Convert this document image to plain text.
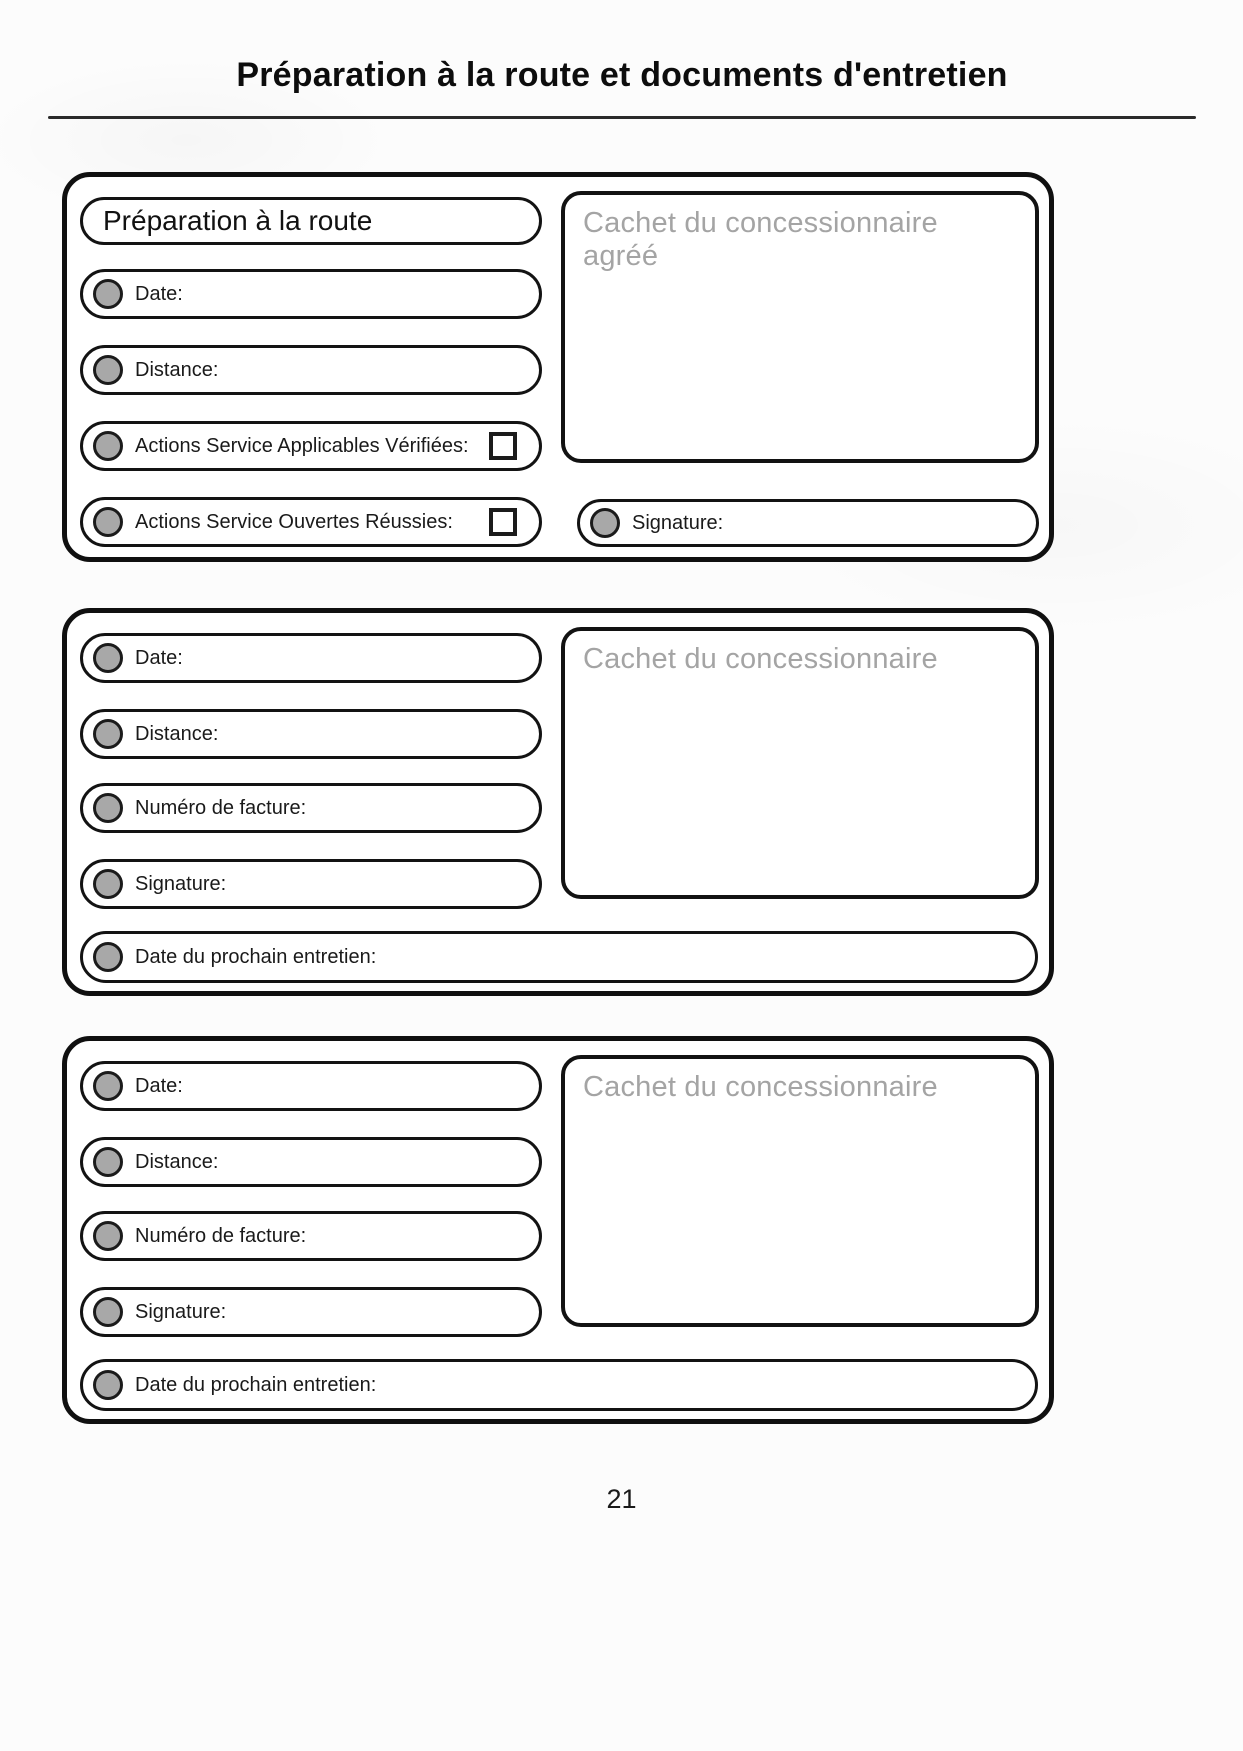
Préparation à la route et documents d'entretien
Préparation à la route
Date:
Distance:
Actions Service Applicables Vérifiées:
Actions Service Ouvertes Réussies:
Cachet du concessionnaire agréé
Signature:
Date:
Distance:
Numéro de facture:
Signature:
Cachet du concessionnaire
Date du prochain entretien:
Date:
Distance:
Numéro de facture:
Signature:
Cachet du concessionnaire
Date du prochain entretien:
21
